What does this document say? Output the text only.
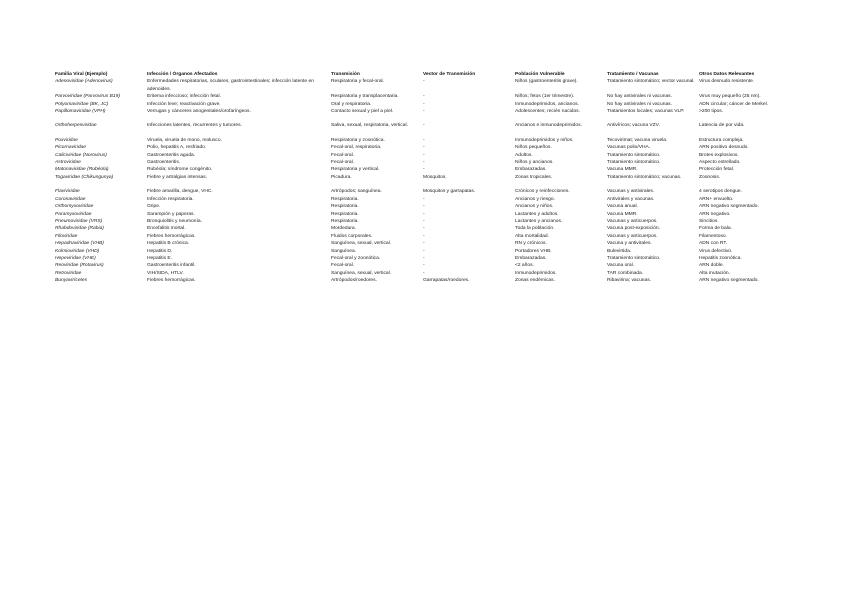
Familia Viral (Ejemplo)	Infección / Órganos Afectados	Transmisión	Vector de Transmisión	Población Vulnerable	Tratamiento / Vacunas	Otros Datos Relevantes
Adenoviridae (Adenovirus)	Enfermedades respiratorias, oculares, gastrointestinales; infección latente en adenoides.	Respiratoria y fecal-oral.	-	Niños (gastroenteritis grave).	Tratamiento sintomático; vector vacunal.	Virus desnudo resistente.
Parvoviridae (Parvovirus B19)	Eritema infeccioso; infección fetal.	Respiratoria y transplacentaria.	-	Niños; fetos (1er trimestre).	No hay antivirales ni vacunas.	Virus muy pequeño (25 nm).
Polyomaviridae (BK, JC)	Infección leve; reactivación grave.	Oral y respiratoria.	-	Inmunodeprimidos, ancianos.	No hay antivirales ni vacunas.	ADN circular; cáncer de Merkel.
Papillomaviridae (VPH)	Verrugas y cánceres anogenitales/orofaríngeos.	Contacto sexual y piel a piel.	-	Adolescentes; recién nacidos.	Tratamientos locales; vacunas VLP.	>200 tipos.

Orthoherpesviridae	Infecciones latentes, recurrentes y tumores.	Saliva, sexual, respiratoria, vertical.	-	Ancianos e inmunodeprimidos.	Antivíricos; vacuna VZV.	Latencia de por vida.

Poxviridae	Viruela, viruela de mono, molusco.	Respiratoria y zoonótica.	-	Inmunodeprimidos y niños.	Tecovirimat; vacuna viruela.	Estructura compleja.
Picornaviridae	Polio, hepatitis A, resfriado.	Fecal-oral, respiratoria.	-	Niños pequeños.	Vacunas polio/VHA.	ARN positivo desnudo.
Caliciviridae (Norovirus)	Gastroenteritis aguda.	Fecal-oral.	-	Adultos.	Tratamiento sintomático.	Brotes explosivos.
Astroviridae	Gastroenteritis.	Fecal-oral.	-	Niños y ancianos.	Tratamiento sintomático.	Aspecto estrellado.
Matonaviridae (Rubéola)	Rubéola; síndrome congénito.	Respiratoria y vertical.	-	Embarazadas.	Vacuna MMR.	Protección fetal.
Togaviridae (Chikungunya)	Fiebre y artralgias intensas.	Picadura.	Mosquitos.	Zonas tropicales.	Tratamiento sintomático; vacunas.	Zoonosis.

Flaviviridae	Fiebre amarilla, dengue, VHC.	Artrópodos; sanguínea.	Mosquitos y garrapatas.	Crónicos y reinfecciones.	Vacunas y antivirales.	4 serotipos dengue.
Coronaviridae	Infección respiratoria.	Respiratoria.	-	Ancianos y riesgo.	Antivirales y vacunas.	ARN+ envuelto.
Orthomyxoviridae	Gripe.	Respiratoria.	-	Ancianos y niños.	Vacuna anual.	ARN negativo segmentado.
Paramyxoviridae	Sarampión y paperas.	Respiratoria.	-	Lactantes y adultos.	Vacuna MMR.	ARN negativo.
Pneumoviridae (VRS)	Bronquiolitis y neumonía.	Respiratoria.	-	Lactantes y ancianos.	Vacunas y anticuerpos.	Sincitios.
Rhabdoviridae (Rabia)	Encefalitis mortal.	Mordedura.	-	Toda la población.	Vacuna post-exposición.	Forma de bala.
Filoviridae	Fiebres hemorrágicas.	Fluidos corporales.	-	Alta mortalidad.	Vacunas y anticuerpos.	Filamentoso.
Hepadnaviridae (VHB)	Hepatitis B crónica.	Sanguínea, sexual, vertical.	-	RN y crónicos.	Vacuna y antivirales.	ADN con RT.
Kolmioviridae (VHD)	Hepatitis D.	Sanguínea.	-	Portadores VHB.	Bulevirtida.	Virus defectivo.
Hepeviridae (VHE)	Hepatitis E.	Fecal-oral y zoonótica.	-	Embarazadas.	Tratamiento sintomático.	Hepatitis zoonótica.
Reoviridae (Rotavirus)	Gastroenteritis infantil.	Fecal-oral.	-	<2 años.	Vacuna oral.	ARN doble.
Retroviridae	VIH/SIDA, HTLV.	Sanguínea, sexual, vertical.	-	Inmunodeprimidos.	TAR combinada.	Alta mutación.
Bunyavirícetes	Fiebres hemorrágicas.	Artrópodos/roedores.	Garrapatas/roedores.	Zonas endémicas.	Ribavirina; vacunas.	ARN negativo segmentado.
